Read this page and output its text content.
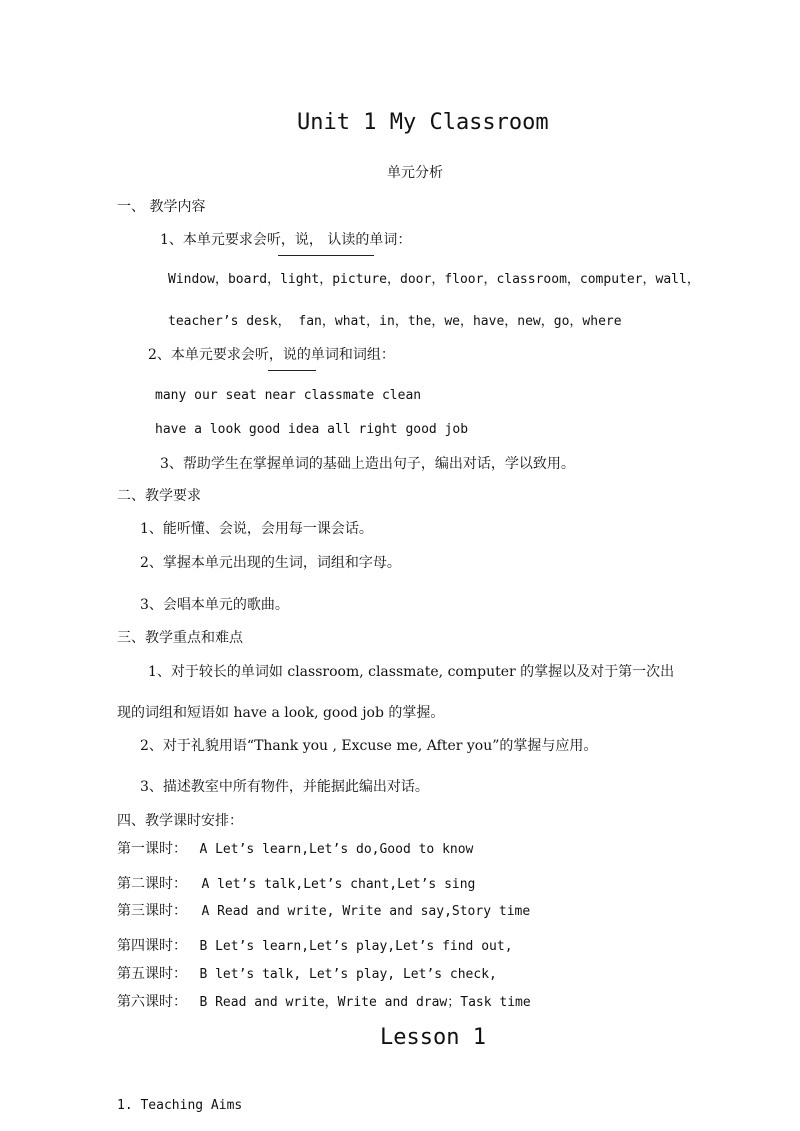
Unit 1 My Classroom
单元分析
一、 教学内容
1、本单元要求会听，说， 认读的单词：
Window，board，light，picture，door，floor，classroom，computer，wall，
teacher’s desk， fan，what，in，the，we，have，new，go，where
2、本单元要求会听，说的单词和词组：
many our seat near classmate clean
have a look good idea all right good job
3、帮助学生在掌握单词的基础上造出句子，编出对话，学以致用。
二、教学要求
1、能听懂、会说，会用每一课会话。
2、掌握本单元出现的生词，词组和字母。
3、会唱本单元的歌曲。
三、教学重点和难点
1、对于较长的单词如 classroom, classmate, computer 的掌握以及对于第一次出
现的词组和短语如 have a look, good job 的掌握。
2、对于礼貌用语“Thank you , Excuse me, After you”的掌握与应用。
3、描述教室中所有物件，并能据此编出对话。
四、教学课时安排：
第一课时： A Let’s learn,Let’s do,Good to know
第二课时： A let’s talk,Let’s chant,Let’s sing
第三课时： A Read and write, Write and say,Story time
第四课时： B Let’s learn,Let’s play,Let’s find out,
第五课时： B let’s talk, Let’s play, Let’s check,
第六课时： B Read and write，Write and draw；Task time
Lesson 1
1. Teaching Aims
